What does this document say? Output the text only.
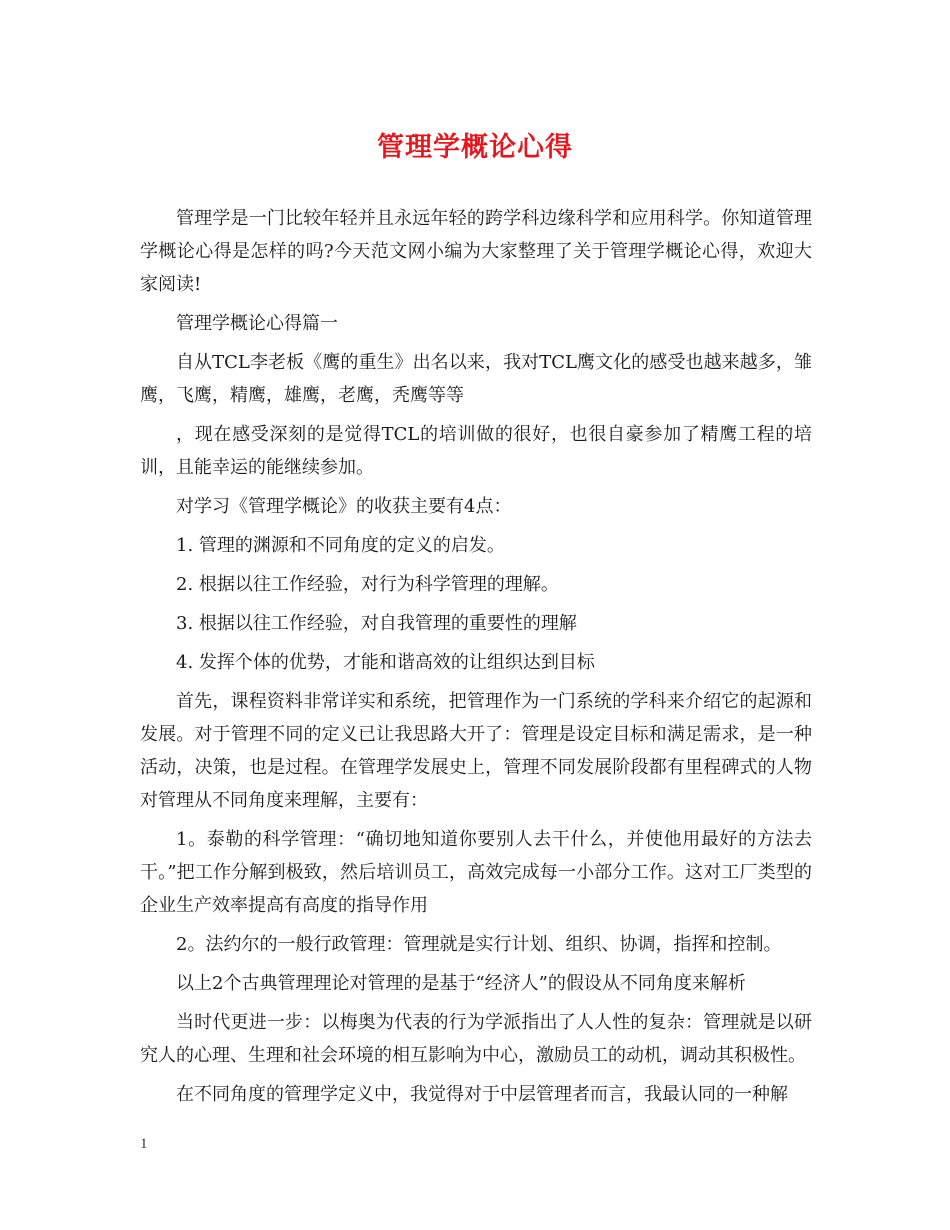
管理学概论心得

管理学是一门比较年轻并且永远年轻的跨学科边缘科学和应用科学。你知道管理学概论心得是怎样的吗?今天范文网小编为大家整理了关于管理学概论心得，欢迎大家阅读!

管理学概论心得篇一

自从TCL李老板《鹰的重生》出名以来，我对TCL鹰文化的感受也越来越多，雏鹰，飞鹰，精鹰，雄鹰，老鹰，秃鹰等等

，现在感受深刻的是觉得TCL的培训做的很好，也很自豪参加了精鹰工程的培训，且能幸运的能继续参加。

对学习《管理学概论》的收获主要有4点：

1. 管理的渊源和不同角度的定义的启发。

2. 根据以往工作经验，对行为科学管理的理解。

3. 根据以往工作经验，对自我管理的重要性的理解

4. 发挥个体的优势，才能和谐高效的让组织达到目标

首先，课程资料非常详实和系统，把管理作为一门系统的学科来介绍它的起源和发展。对于管理不同的定义已让我思路大开了：管理是设定目标和满足需求，是一种活动，决策，也是过程。在管理学发展史上，管理不同发展阶段都有里程碑式的人物对管理从不同角度来理解，主要有：

1。泰勒的科学管理：“确切地知道你要别人去干什么，并使他用最好的方法去干。”把工作分解到极致，然后培训员工，高效完成每一小部分工作。这对工厂类型的企业生产效率提高有高度的指导作用

2。法约尔的一般行政管理：管理就是实行计划、组织、协调，指挥和控制。

以上2个古典管理理论对管理的是基于“经济人”的假设从不同角度来解析

当时代更进一步：以梅奥为代表的行为学派指出了人人性的复杂：管理就是以研究人的心理、生理和社会环境的相互影响为中心，激励员工的动机，调动其积极性。

在不同角度的管理学定义中，我觉得对于中层管理者而言，我最认同的一种解

1
